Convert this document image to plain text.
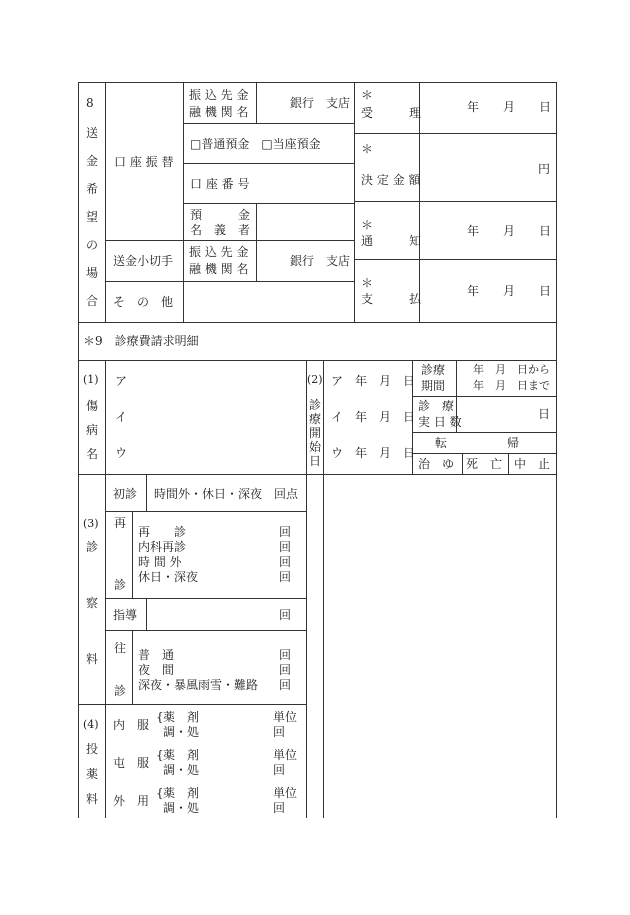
8
送
金
希
望
の
場
合
口 座 振 替
振 込 先 金
融 機 関 名
銀行　支店
□普通預金　□当座預金
口 座 番 号
預　　　金
名　義　者
送金小切手
振 込 先 金
融 機 関 名
銀行　支店
そ　の　他
＊
受　　　理	年　　月　　日
＊
決 定 金 額
円
＊
通　　　知
年　　月　　日
＊
支　　　払
年　　月　　日
＊9　診療費請求明細
(1)
傷
病
名
ア
イ
ウ
(2)
診
療
開
始
日
ア　年　月　日
イ　年　月　日
ウ　年　月　日
診療
期間
年　月　日から
年　月　日まで
診　療
実 日 数
日
転　　　　　帰
治　ゆ　死　亡　中　止
(3)
診
察
料
初診 時間外・休日・深夜　回点
再
診
再　　診
内科再診
時 間 外
休日・深夜
回
回
回
回
指導	回
往
診
普　通
夜　間
深夜・暴風雨雪・難路
回
回
回
(4)
投
薬
料
内　服
{ 薬　剤
調・処
単位
回
屯　服
{ 薬　剤
調・処
単位
回
外　用
{ 薬　剤
調・処
単位
回
